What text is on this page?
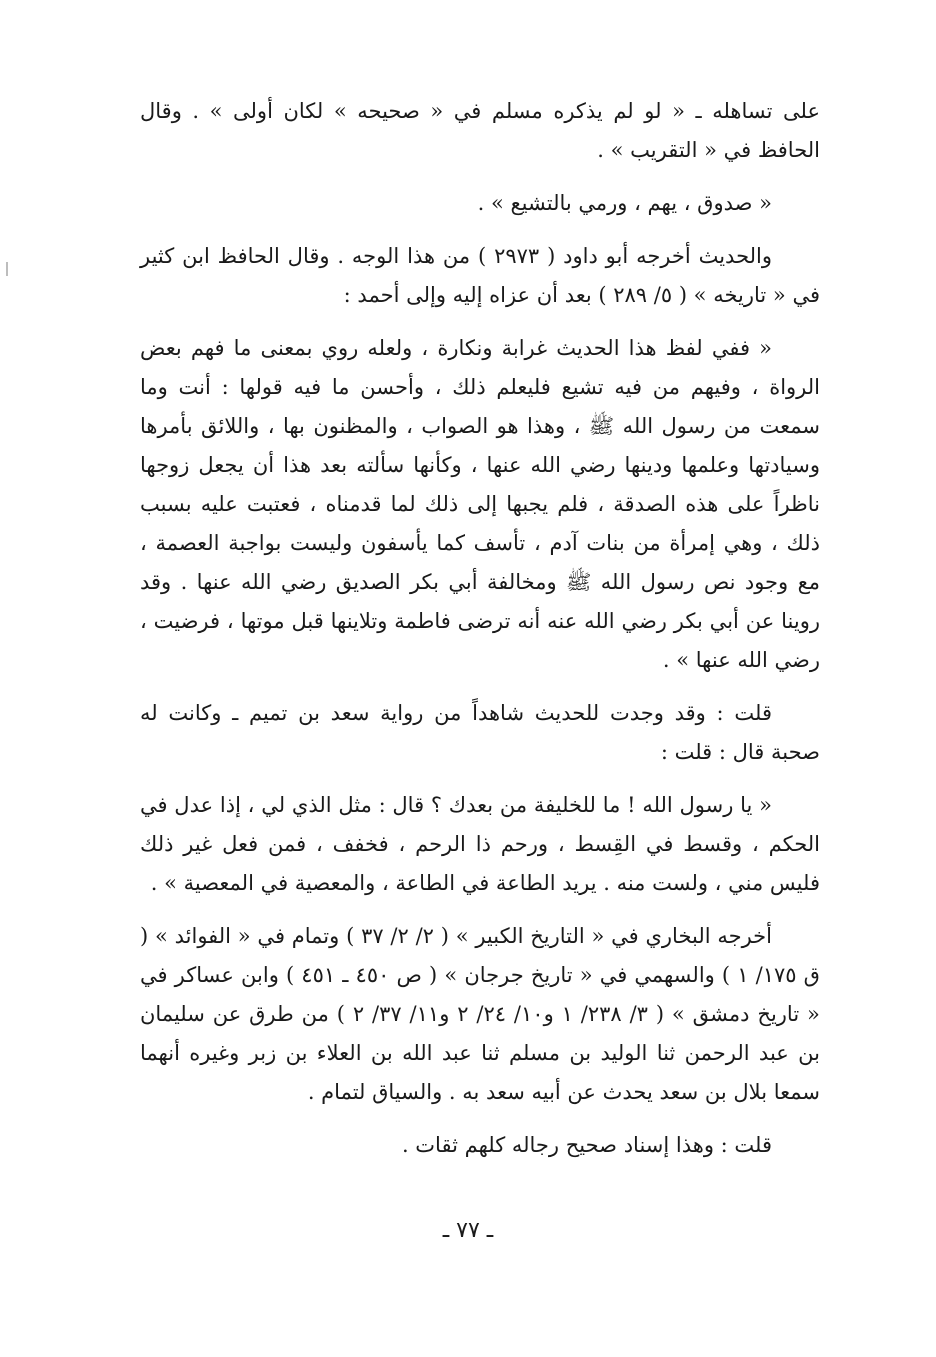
على تساهله ـ « لو لم يذكره مسلم في « صحيحه » لكان أولى » . وقال الحافظ في « التقريب » .

« صدوق ، يهم ، ورمي بالتشيع » .

والحديث أخرجه أبو داود ( ٢٩٧٣ ) من هذا الوجه . وقال الحافظ ابن كثير في « تاريخه » ( ٥/ ٢٨٩ ) بعد أن عزاه إليه وإلى أحمد :

« ففي لفظ هذا الحديث غرابة ونكارة ، ولعله روي بمعنى ما فهم بعض الرواة ، وفيهم من فيه تشيع فليعلم ذلك ، وأحسن ما فيه قولها : أنت وما سمعت من رسول الله ﷺ ، وهذا هو الصواب ، والمظنون بها ، واللائق بأمرها وسيادتها وعلمها ودينها رضي الله عنها ، وكأنها سألته بعد هذا أن يجعل زوجها ناظراً على هذه الصدقة ، فلم يجبها إلى ذلك لما قدمناه ، فعتبت عليه بسبب ذلك ، وهي إمرأة من بنات آدم ، تأسف كما يأسفون وليست بواجبة العصمة ، مع وجود نص رسول الله ﷺ ومخالفة أبي بكر الصديق رضي الله عنها . وقد روينا عن أبي بكر رضي الله عنه أنه ترضى فاطمة وتلاينها قبل موتها ، فرضيت ، رضي الله عنها » .

قلت : وقد وجدت للحديث شاهداً من رواية سعد بن تميم ـ وكانت له صحبة قال : قلت :

« يا رسول الله ! ما للخليفة من بعدك ؟ قال : مثل الذي لي ، إذا عدل في الحكم ، وقسط في القِسط ، ورحم ذا الرحم ، فخفف ، فمن فعل غير ذلك فليس مني ، ولست منه . يريد الطاعة في الطاعة ، والمعصية في المعصية » .

أخرجه البخاري في « التاريخ الكبير » ( ٢/ ٢/ ٣٧ ) وتمام في « الفوائد » ( ق ١٧٥/ ١ ) والسهمي في « تاريخ جرجان » ( ص ٤٥٠ ـ ٤٥١ ) وابن عساكر في « تاريخ دمشق » ( ٣/ ٢٣٨/ ١ و١٠/ ٢٤/ ٢ و١١/ ٣٧/ ٢ ) من طرق عن سليمان بن عبد الرحمن ثنا الوليد بن مسلم ثنا عبد الله بن العلاء بن زبر وغيره أنهما سمعا بلال بن سعد يحدث عن أبيه سعد به . والسياق لتمام .

قلت : وهذا إسناد صحيح رجاله كلهم ثقات .

ـ ٧٧ ـ
